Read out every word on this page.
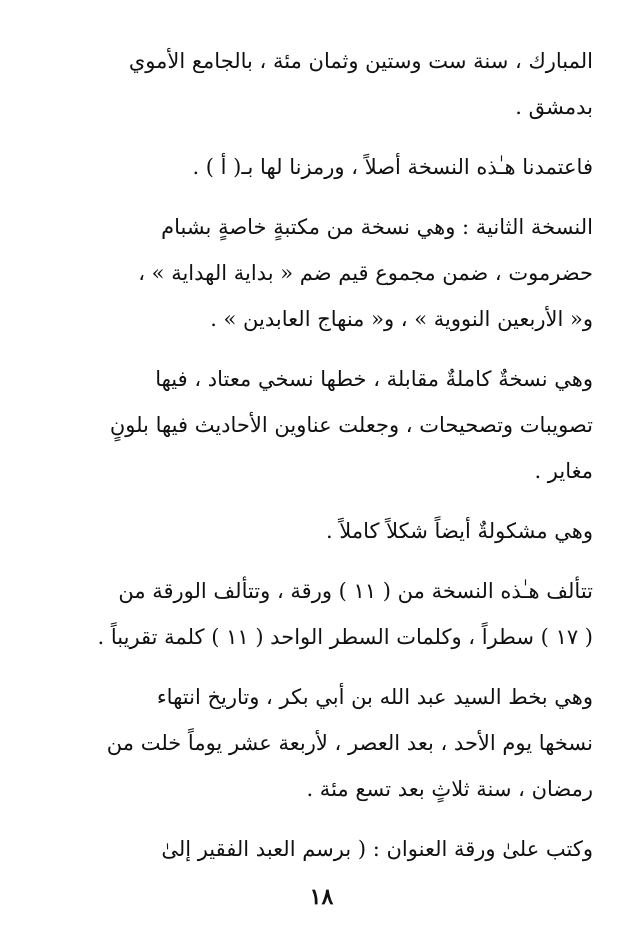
المبارك ، سنة ست وستين وثمان مئة ، بالجامع الأموي
بدمشق .

فاعتمدنا هـٰذه النسخة أصلاً ، ورمزنا لها بـ( أ ) .

النسخة الثانية : وهي نسخة من مكتبةٍ خاصةٍ بشبام
حضرموت ، ضمن مجموع قيم ضم « بداية الهداية » ،
و« الأربعين النووية » ، و« منهاج العابدين » .

وهي نسخةٌ كاملةٌ مقابلة ، خطها نسخي معتاد ، فيها
تصويبات وتصحيحات ، وجعلت عناوين الأحاديث فيها بلونٍ
مغاير .

وهي مشكولةٌ أيضاً شكلاً كاملاً .

تتألف هـٰذه النسخة من ( ١١ ) ورقة ، وتتألف الورقة من
( ١٧ ) سطراً ، وكلمات السطر الواحد ( ١١ ) كلمة تقريباً .

وهي بخط السيد عبد الله بن أبي بكر ، وتاريخ انتهاء
نسخها يوم الأحد ، بعد العصر ، لأربعة عشر يوماً خلت من
رمضان ، سنة ثلاثٍ بعد تسع مئة .

وكتب علىٰ ورقة العنوان : ( برسم العبد الفقير إلىٰ

١٨
